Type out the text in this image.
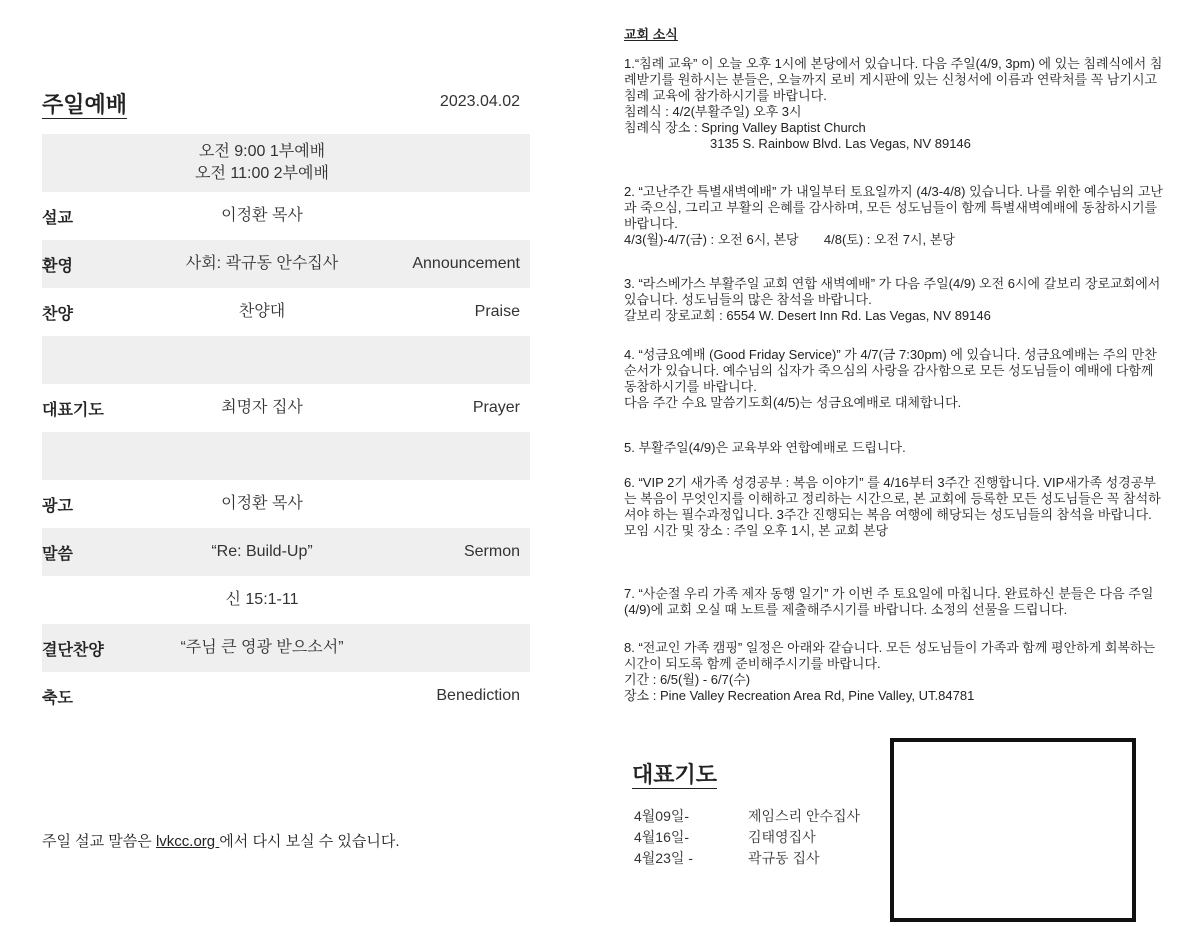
주일예배	2023.04.02
오전 9:00 1부예배
오전 11:00 2부예배
설교	이정환 목사
환영	사회: 곽규동 안수집사	Announcement
찬양	찬양대	Praise
대표기도	최명자 집사	Prayer
광고	이정환 목사
말씀	“Re: Build-Up”	Sermon
신 15:1-11
결단찬양	“주님 큰 영광 받으소서”
축도	Benediction
주일 설교 말씀은 lvkcc.org 에서 다시 보실 수 있습니다.
교회 소식

1.“침례 교육” 이 오늘 오후 1시에 본당에서 있습니다. 다음 주일(4/9, 3pm) 에 있는 침례식에서 침례받기를 원하시는 분들은, 오늘까지 로비 게시판에 있는 신청서에 이름과 연락처를 꼭 남기시고 침례 교육에 참가하시기를 바랍니다.

침례식 : 4/2(부활주일) 오후 3시

침례식 장소 : Spring Valley Baptist Church

3135 S. Rainbow Blvd. Las Vegas, NV 89146

2. “고난주간 특별새벽예배” 가 내일부터 토요일까지 (4/3-4/8) 있습니다. 나를 위한 예수님의 고난과 죽으심, 그리고 부활의 은혜를 감사하며, 모든 성도님들이 함께 특별새벽예배에 동참하시기를 바랍니다.

4/3(월)-4/7(금) : 오전 6시, 본당       4/8(토) : 오전 7시, 본당

3. “라스베가스 부활주일 교회 연합 새벽예배” 가 다음 주일(4/9) 오전 6시에 갈보리 장로교회에서 있습니다. 성도님들의 많은 참석을 바랍니다.

갈보리 장로교회 : 6554 W. Desert Inn Rd. Las Vegas, NV 89146

4. “성금요예배 (Good Friday Service)” 가 4/7(금 7:30pm) 에 있습니다. 성금요예배는 주의 만찬 순서가 있습니다. 예수님의 십자가 죽으심의 사랑을 감사함으로 모든 성도님들이 예배에 다함께 동참하시기를 바랍니다.

다음 주간 수요 말씀기도회(4/5)는 성금요예배로 대체합니다.

5. 부활주일(4/9)은 교육부와 연합예배로 드립니다.

6. “VIP 2기 새가족 성경공부 : 복음 이야기” 를 4/16부터 3주간 진행합니다. VIP새가족 성경공부는 복음이 무엇인지를 이해하고 정리하는 시간으로, 본 교회에 등록한 모든 성도님들은 꼭 참석하셔야 하는 필수과정입니다. 3주간 진행되는 복음 여행에 해당되는 성도님들의 참석을 바랍니다.

모임 시간 및 장소 : 주일 오후 1시, 본 교회 본당

7. “사순절 우리 가족 제자 동행 일기” 가 이번 주 토요일에 마칩니다. 완료하신 분들은 다음 주일(4/9)에 교회 오실 때 노트를 제출해주시기를 바랍니다. 소정의 선물을 드립니다.

8. “전교인 가족 캠핑” 일정은 아래와 같습니다. 모든 성도님들이 가족과 함께 평안하게 회복하는 시간이 되도록 함께 준비해주시기를 바랍니다.

기간 : 6/5(월) - 6/7(수)

장소 : Pine Valley Recreation Area Rd, Pine Valley, UT.84781

대표기도
4월09일-	제임스리 안수집사
4월16일-	김태영집사
4월23일 -	곽규동 집사
